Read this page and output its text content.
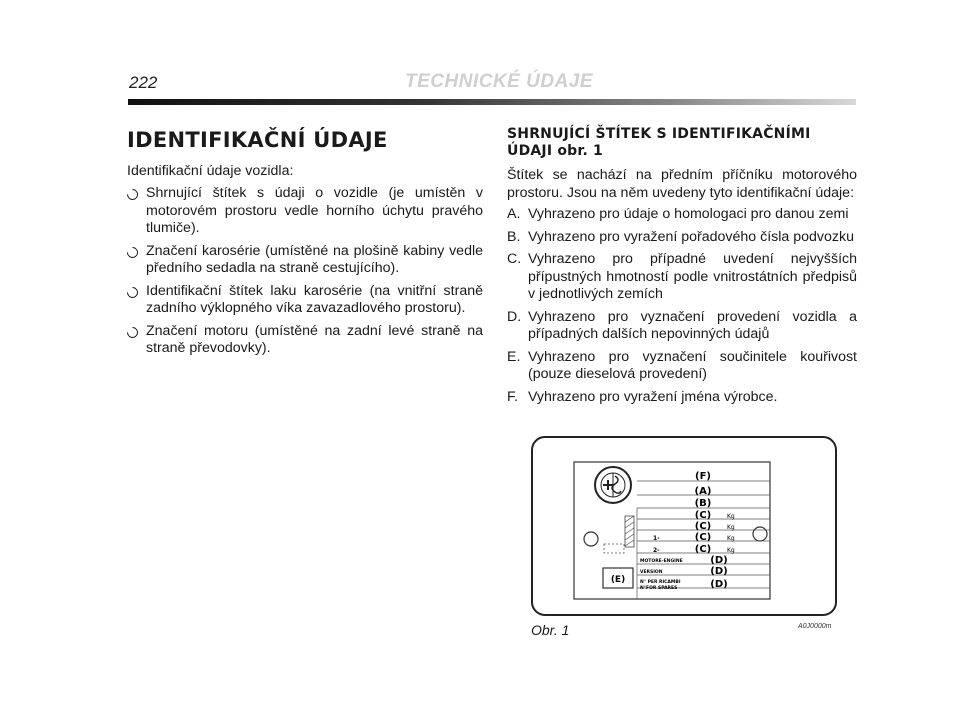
222	TECHNICKÉ ÚDAJE
IDENTIFIKAČNÍ ÚDAJE
Identifikační údaje vozidla:
Shrnující štítek s údaji o vozidle (je umístěn v motorovém prostoru vedle horního úchytu pravého tlumiče).
Značení karosérie (umístěné na plošině kabiny vedle předního sedadla na straně cestujícího).
Identifikační štítek laku karosérie (na vnitřní straně zadního výklopného víka zavazadlového prostoru).
Značení motoru (umístěné na zadní levé straně na straně převodovky).
SHRNUJÍCÍ ŠTÍTEK S IDENTIFIKAČNÍMI ÚDAJI obr. 1
Štítek se nachází na předním příčníku motorového prostoru. Jsou na něm uvedeny tyto identifikační údaje:
A. Vyhrazeno pro údaje o homologaci pro danou zemi
B. Vyhrazeno pro vyražení pořadového čísla podvozku
C. Vyhrazeno pro případné uvedení nejvyšších přípustných hmotností podle vnitrostátních předpisů v jednotlivých zemích
D. Vyhrazeno pro vyznačení provedení vozidla a případných dalších nepovinných údajů
E. Vyhrazeno pro vyznačení součinitele kouřivost (pouze dieselová provedení)
F. Vyhrazeno pro vyražení jména výrobce.
(E)
(F)
(A)
(B)
(C)
(C)
(C)
(C)
(D)
(D)
(D)
Kg
Kg
Kg
Kg
1-
2-
MOTORE-ENGINE
VERSION
N° PER RICAMBI
N°FOR SPARES
Obr. 1	A0J0000m
